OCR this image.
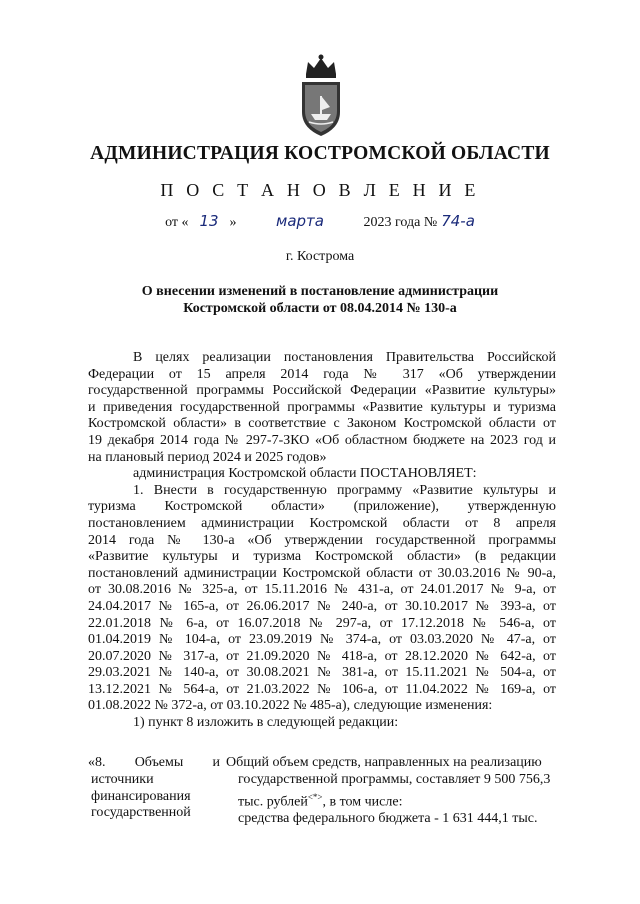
АДМИНИСТРАЦИЯ КОСТРОМСКОЙ ОБЛАСТИ
П О С Т А Н О В Л Е Н И Е
от « 13 »	марта	2023 года № 74-а
г. Кострома
О внесении изменений в постановление администрации
Костромской области от 08.04.2014 № 130-а

В целях реализации постановления Правительства Российской

Федерации от 15 апреля 2014 года № 317 «Об утверждении

государственной программы Российской Федерации «Развитие культуры»

и приведения государственной программы «Развитие культуры и туризма

Костромской области» в соответствие с Законом Костромской области от

19 декабря 2014 года № 297-7-ЗКО «Об областном бюджете на 2023 год и

на плановый период 2024 и 2025 годов»

администрация Костромской области ПОСТАНОВЛЯЕТ:

1. Внести в государственную программу «Развитие культуры и

туризма Костромской области» (приложение), утвержденную

постановлением администрации Костромской области от 8 апреля

2014 года № 130-а «Об утверждении государственной программы

«Развитие культуры и туризма Костромской области» (в редакции

постановлений администрации Костромской области от 30.03.2016 № 90-а,

от 30.08.2016 № 325-а, от 15.11.2016 № 431-а, от 24.01.2017 № 9-а, от

24.04.2017 № 165-а, от 26.06.2017 № 240-а, от 30.10.2017 № 393-а, от

22.01.2018 № 6-а, от 16.07.2018 № 297-а, от 17.12.2018 № 546-а, от

01.04.2019 № 104-а, от 23.09.2019 № 374-а, от 03.03.2020 № 47-а, от

20.07.2020 № 317-а, от 21.09.2020 № 418-а, от 28.12.2020 № 642-а, от

29.03.2021 № 140-а, от 30.08.2021 № 381-а, от 15.11.2021 № 504-а, от

13.12.2021 № 564-а, от 21.03.2022 № 106-а, от 11.04.2022 № 169-а, от

01.08.2022 № 372-а, от 03.10.2022 № 485-а), следующие изменения:

1) пункт 8 изложить в следующей редакции:

«8. Объемы и
источники
финансирования
государственной
Общий объем средств, направленных на реализацию
государственной программы, составляет 9 500 756,3
тыс. рублей<*>, в том числе:
средства федерального бюджета - 1 631 444,1 тыс.
